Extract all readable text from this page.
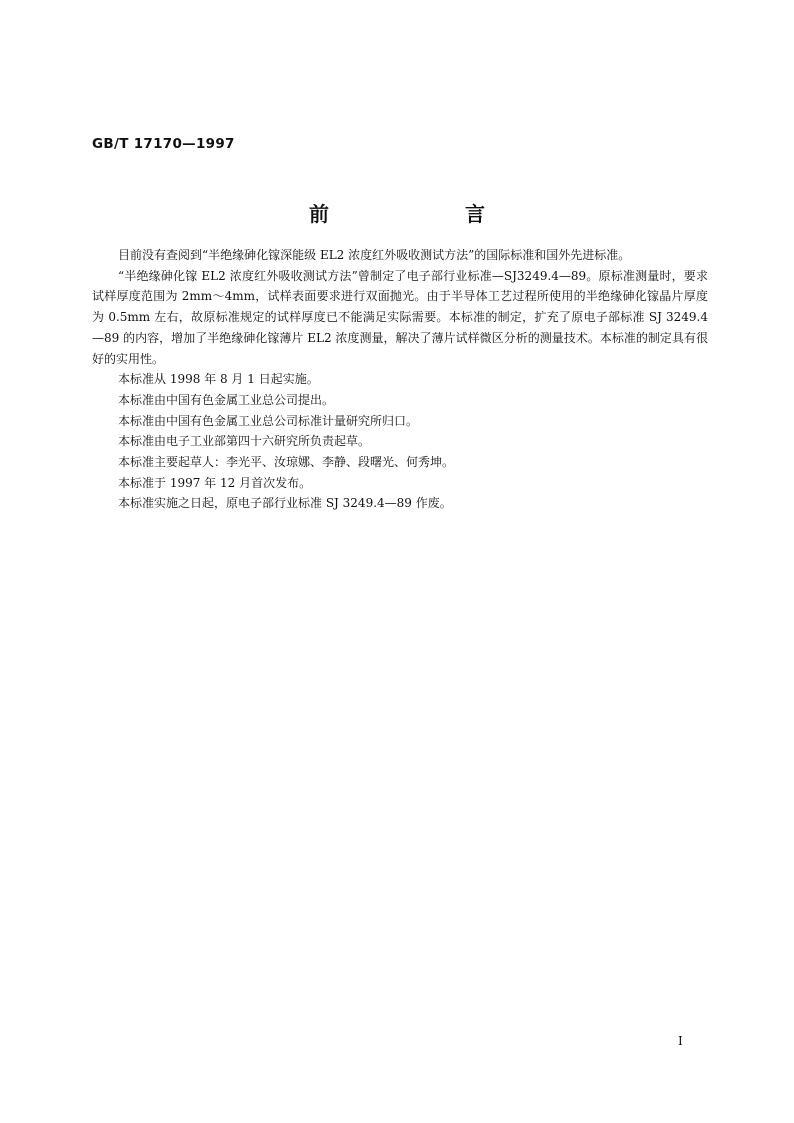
GB/T 17170—1997
前　　言

目前没有查阅到“半绝缘砷化镓深能级 EL2 浓度红外吸收测试方法”的国际标准和国外先进标准。

“半绝缘砷化镓 EL2 浓度红外吸收测试方法”曾制定了电子部行业标准—SJ3249.4—89。原标准测量时，要求试样厚度范围为 2mm～4mm，试样表面要求进行双面抛光。由于半导体工艺过程所使用的半绝缘砷化镓晶片厚度为 0.5mm 左右，故原标准规定的试样厚度已不能满足实际需要。本标准的制定，扩充了原电子部标准 SJ 3249.4—89 的内容，增加了半绝缘砷化镓薄片 EL2 浓度测量，解决了薄片试样微区分析的测量技术。本标准的制定具有很好的实用性。

本标准从 1998 年 8 月 1 日起实施。

本标准由中国有色金属工业总公司提出。

本标准由中国有色金属工业总公司标准计量研究所归口。

本标准由电子工业部第四十六研究所负责起草。

本标准主要起草人：李光平、汝琼娜、李静、段曙光、何秀坤。

本标准于 1997 年 12 月首次发布。

本标准实施之日起，原电子部行业标准 SJ 3249.4—89 作废。

I
